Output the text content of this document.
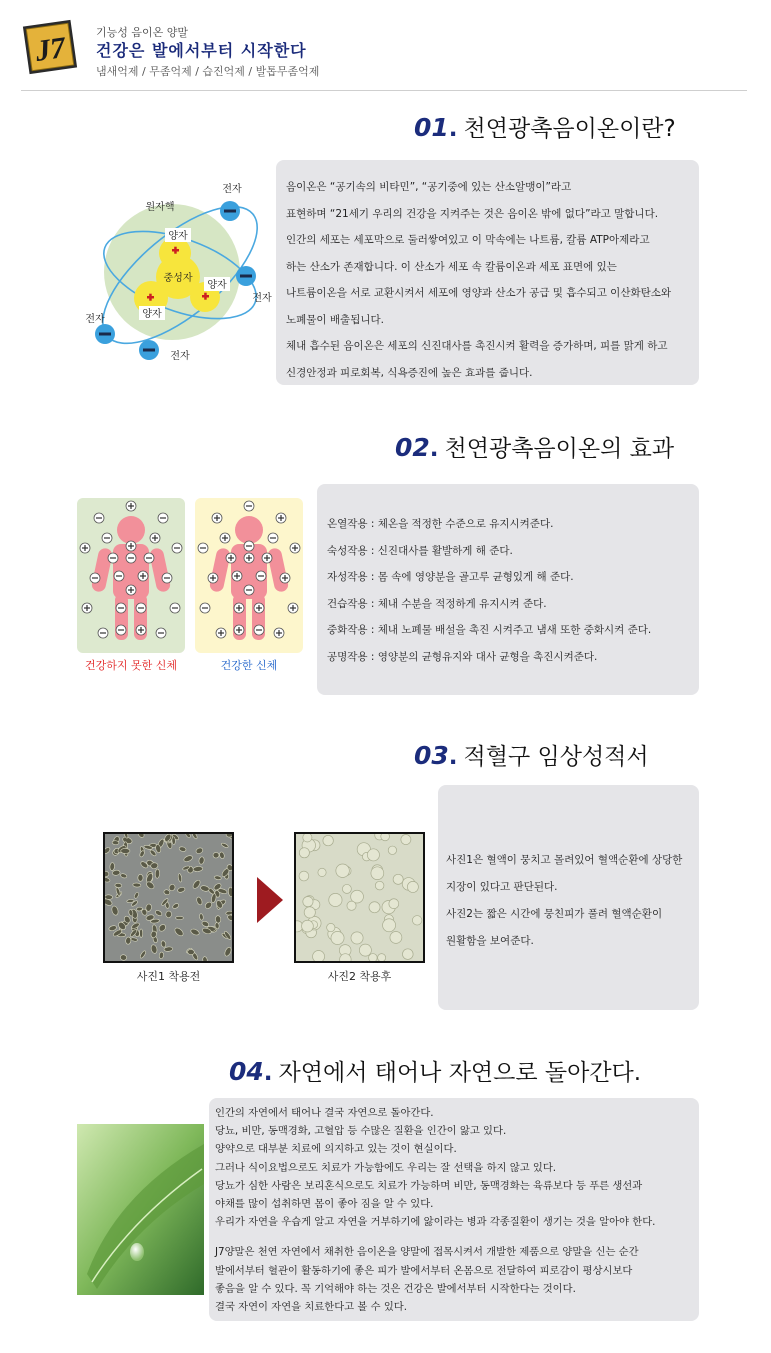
J7	기능성 음이온 양말
건강은 발에서부터 시작한다
냄새억제 / 무좀억제 / 습진억제 / 발톱무좀억제
01. 천연광촉음이온이란?
양자
중성자
양자
양자
원자핵
전자
전자
전자
전자

음이온은 “공기속의 비타민”, “공기중에 있는 산소알맹이”라고

표현하며 “21세기 우리의 건강을 지켜주는 것은 음이온 밖에 없다”라고 말합니다.

인간의 세포는 세포막으로 둘러쌓여있고 이 막속에는 나트륨, 칼륨 ATP아제라고

하는 산소가 존재합니다. 이 산소가 세포 속 칼륨이온과 세포 표면에 있는

나트륨이온을 서로 교환시켜서 세포에 영양과 산소가 공급 및 흡수되고 이산화탄소와

노폐물이 배출됩니다.

체내 흡수된 음이온은 세포의 신진대사를 촉진시켜 활력을 증가하며, 피를 맑게 하고

신경안정과 피로회복, 식욕증진에 높은 효과를 줍니다.

02. 천연광촉음이온의 효과
건강하지 못한 신체	건강한 신체

온열작용 : 체온을 적정한 수준으로 유지시켜준다.

숙성작용 : 신진대사를 활발하게 해 준다.

자성작용 : 몸 속에 영양분을 골고루 균형있게 해 준다.

건습작용 : 체내 수분을 적정하게 유지시켜 준다.

중화작용 : 체내 노폐물 배설을 촉진 시켜주고 냄새 또한 중화시켜 준다.

공명작용 : 영양분의 균형유지와 대사 균형을 촉진시켜준다.

03. 적혈구 임상성적서
사진1 착용전	사진2 착용후

사진1은 혈액이 뭉치고 몰려있어 혈액순환에 상당한

지장이 있다고 판단된다.

사진2는 짧은 시간에 뭉친피가 풀려 혈액순환이

원활함을 보여준다.

04. 자연에서 태어나 자연으로 돌아간다.

인간의 자연에서 태어나 결국 자연으로 돌아간다.

당뇨, 비만, 동맥경화, 고혈압 등 수많은 질환을 인간이 앓고 있다.

양약으로 대부분 치료에 의지하고 있는 것이 현실이다.

그러나 식이요법으로도 치료가 가능함에도 우리는 잘 선택을 하지 않고 있다.

당뇨가 심한 사람은 보리혼식으로도 치료가 가능하며 비만, 동맥경화는 육류보다 등 푸른 생선과

야채를 많이 섭취하면 몸이 좋아 짐을 알 수 있다.

우리가 자연을 우습게 알고 자연을 거부하기에 앓이라는 병과 각종질환이 생기는 것을 알아야 한다.

J7양말은 천연 자연에서 채취한 음이온을 양말에 접목시켜서 개발한 제품으로 양말을 신는 순간

발에서부터 혈관이 활동하기에 좋은 피가 발에서부터 온몸으로 전달하여 피로감이 평상시보다

좋음을 알 수 있다. 꼭 기억해야 하는 것은 건강은 발에서부터 시작한다는 것이다.

결국 자연이 자연을 치료한다고 볼 수 있다.
